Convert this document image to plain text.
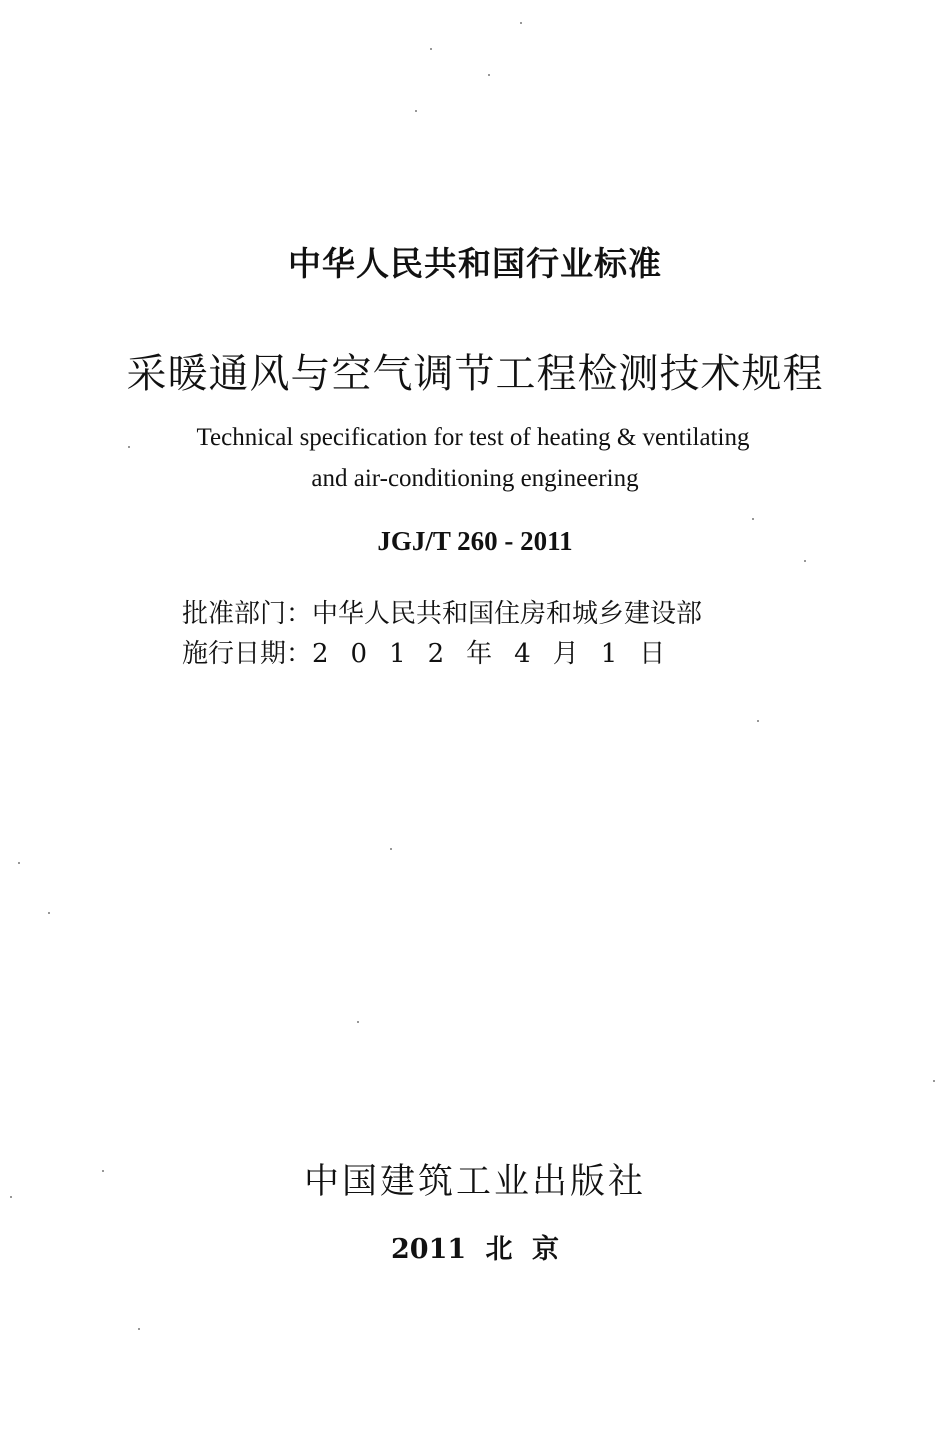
中华人民共和国行业标准
采暖通风与空气调节工程检测技术规程
Technical specification for test of heating & ventilating
and air-conditioning engineering
JGJ/T 260 - 2011
批准部门：中华人民共和国住房和城乡建设部
施行日期：2012年4月1日
中国建筑工业出版社
2011 北 京
